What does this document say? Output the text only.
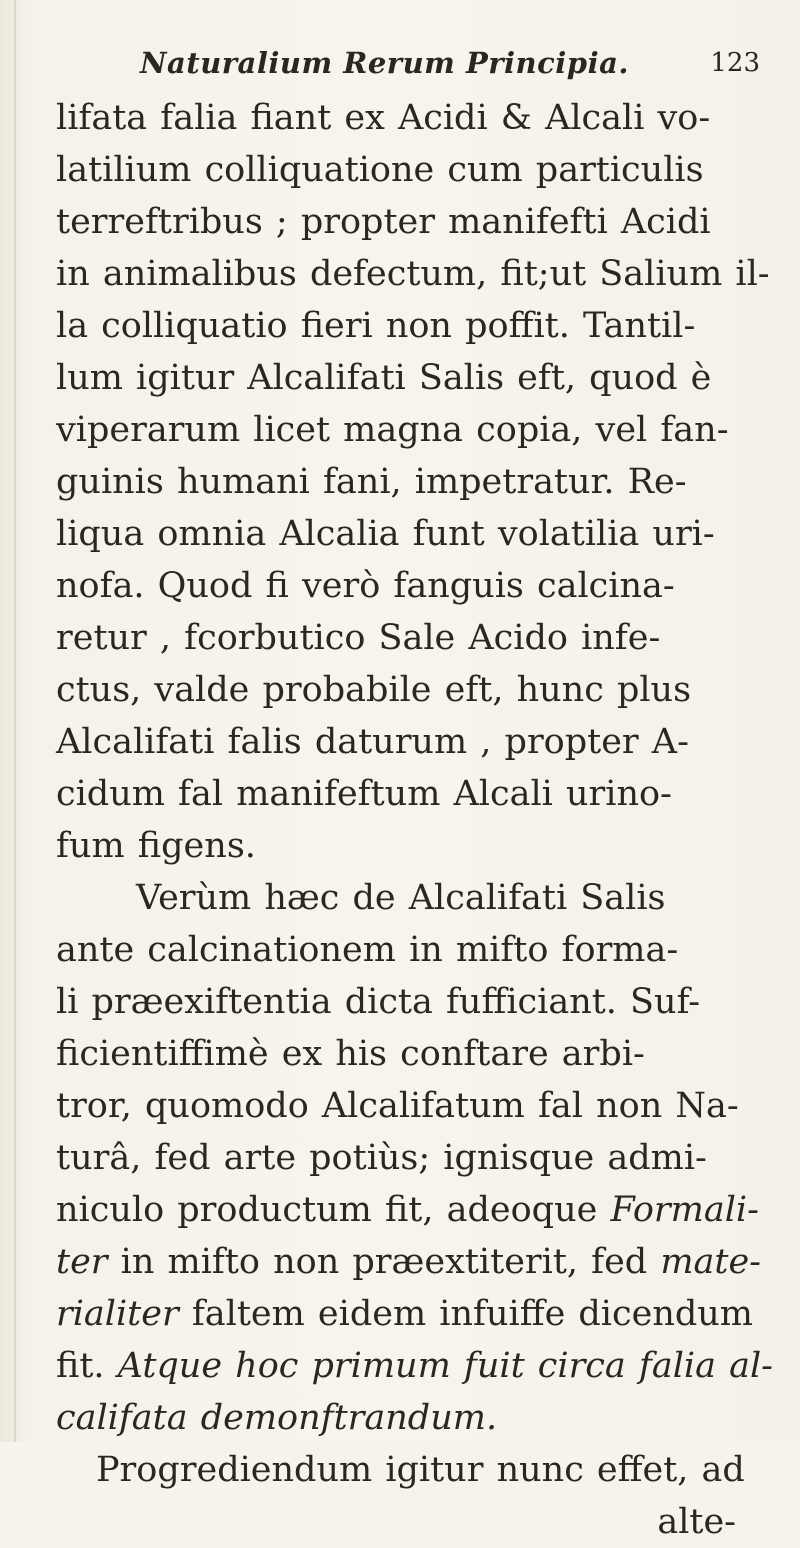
Naturalium Rerum Principia.	123
lifata falia fiant ex Acidi & Alcali vo-
latilium colliquatione cum particulis
terreftribus ; propter manifefti Acidi
in animalibus defectum, fit;ut Salium il-
la colliquatio fieri non poffit. Tantil-
lum igitur Alcalifati Salis eft, quod è
viperarum licet magna copia, vel fan-
guinis humani fani, impetratur. Re-
liqua omnia Alcalia funt volatilia uri-
nofa. Quod fi verò fanguis calcina-
retur , fcorbutico Sale Acido infe-
ctus, valde probabile eft, hunc plus
Alcalifati falis daturum , propter A-
cidum fal manifeftum Alcali urino-
fum figens.
Verùm hæc de Alcalifati Salis
ante calcinationem in mifto forma-
li præexiftentia dicta fufficiant. Suf-
ficientiffimè ex his conftare arbi-
tror, quomodo Alcalifatum fal non Na-
turâ, fed arte potiùs; ignisque admi-
niculo productum fit, adeoque Formali-
ter in mifto non præextiterit, fed mate-
rialiter faltem eidem infuiffe dicendum
fit. Atque hoc primum fuit circa falia al-
califata demonftrandum.
Progrediendum igitur nunc effet, ad
alte-
